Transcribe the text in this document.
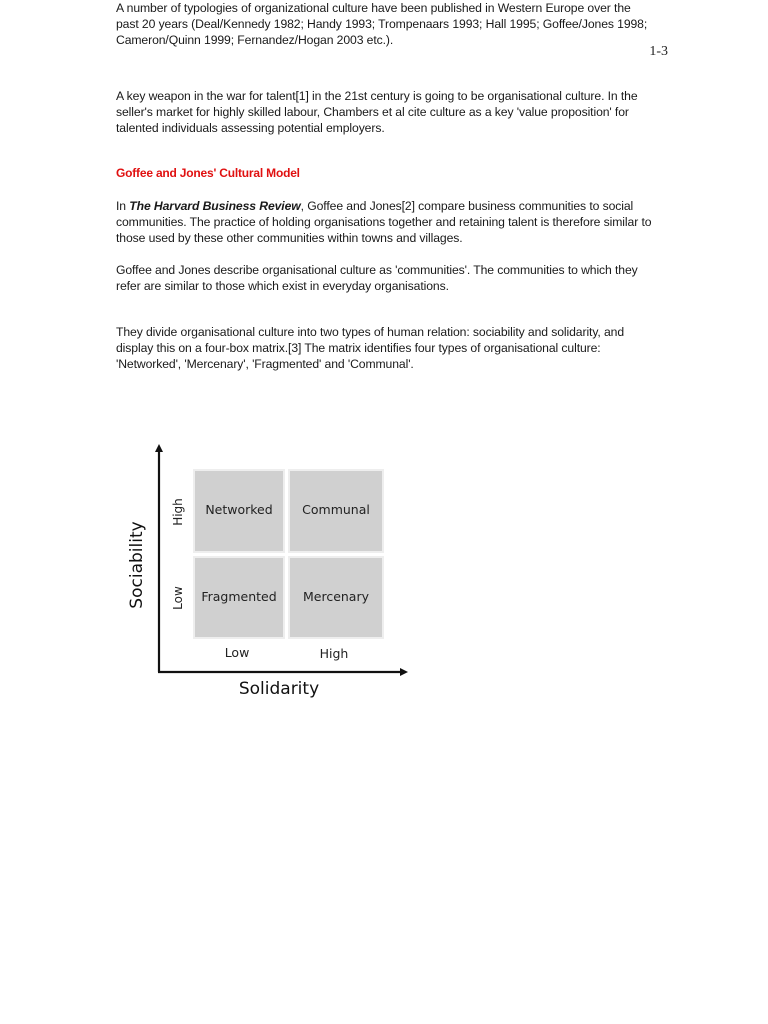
1-3

A number of typologies of organizational culture have been published in Western Europe over the past 20 years (Deal/Kennedy 1982; Handy 1993; Trompenaars 1993; Hall 1995; Goffee/Jones 1998; Cameron/Quinn 1999; Fernandez/Hogan 2003 etc.).

Goffee and Jones' Cultural Model

A key weapon in the war for talent[1] in the 21st century is going to be organisational culture. In the seller's market for highly skilled labour, Chambers et al cite culture as a key 'value proposition' for talented individuals assessing potential employers.

In The Harvard Business Review, Goffee and Jones[2] compare business communities to social communities. The practice of holding organisations together and retaining talent is therefore similar to those used by these other communities within towns and villages.

Goffee and Jones describe organisational culture as 'communities'. The communities to which they refer are similar to those which exist in everyday organisations.

They divide organisational culture into two types of human relation: sociability and solidarity, and display this on a four-box matrix.[3] The matrix identifies four types of organisational culture: 'Networked', 'Mercenary', 'Fragmented' and 'Communal'.

Networked Communal
Fragmented Mercenary
High
Low
Low	High
Sociability
Solidarity
